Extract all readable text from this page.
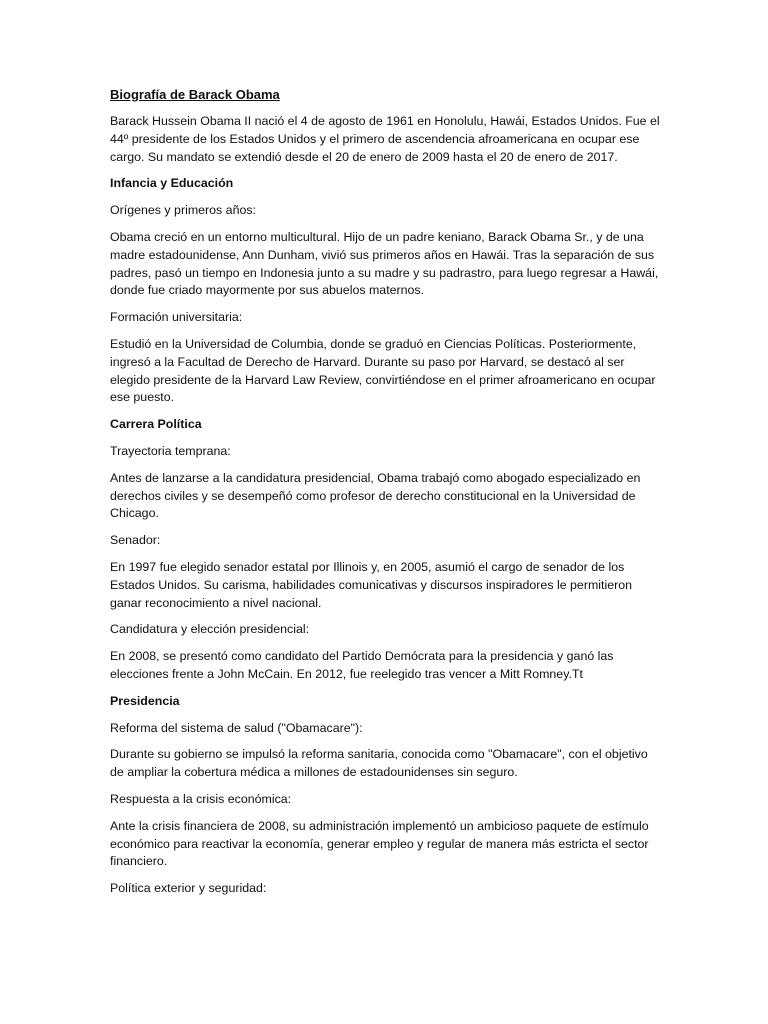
Biografía de Barack Obama
Barack Hussein Obama II nació el 4 de agosto de 1961 en Honolulu, Hawái, Estados Unidos. Fue el 44º presidente de los Estados Unidos y el primero de ascendencia afroamericana en ocupar ese cargo. Su mandato se extendió desde el 20 de enero de 2009 hasta el 20 de enero de 2017.
Infancia y Educación
Orígenes y primeros años:
Obama creció en un entorno multicultural. Hijo de un padre keniano, Barack Obama Sr., y de una madre estadounidense, Ann Dunham, vivió sus primeros años en Hawái. Tras la separación de sus padres, pasó un tiempo en Indonesia junto a su madre y su padrastro, para luego regresar a Hawái, donde fue criado mayormente por sus abuelos maternos.
Formación universitaria:
Estudió en la Universidad de Columbia, donde se graduó en Ciencias Políticas. Posteriormente, ingresó a la Facultad de Derecho de Harvard. Durante su paso por Harvard, se destacó al ser elegido presidente de la Harvard Law Review, convirtiéndose en el primer afroamericano en ocupar ese puesto.
Carrera Política
Trayectoria temprana:
Antes de lanzarse a la candidatura presidencial, Obama trabajó como abogado especializado en derechos civiles y se desempeñó como profesor de derecho constitucional en la Universidad de Chicago.
Senador:
En 1997 fue elegido senador estatal por Illinois y, en 2005, asumió el cargo de senador de los Estados Unidos. Su carisma, habilidades comunicativas y discursos inspiradores le permitieron ganar reconocimiento a nivel nacional.
Candidatura y elección presidencial:
En 2008, se presentó como candidato del Partido Demócrata para la presidencia y ganó las elecciones frente a John McCain. En 2012, fue reelegido tras vencer a Mitt Romney.Tt
Presidencia
Reforma del sistema de salud ("Obamacare"):
Durante su gobierno se impulsó la reforma sanitaria, conocida como "Obamacare", con el objetivo de ampliar la cobertura médica a millones de estadounidenses sin seguro.
Respuesta a la crisis económica:
Ante la crisis financiera de 2008, su administración implementó un ambicioso paquete de estímulo económico para reactivar la economía, generar empleo y regular de manera más estricta el sector financiero.
Política exterior y seguridad:
